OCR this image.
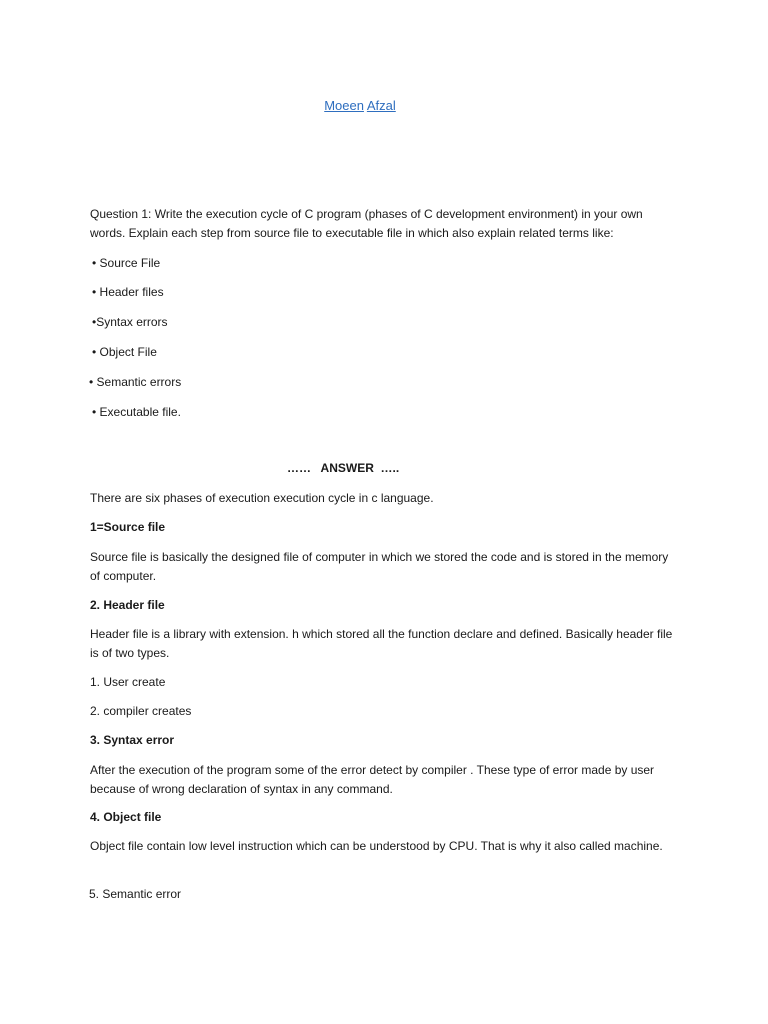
Moeen Afzal
Question 1: Write the execution cycle of C program (phases of C development environment) in your own words. Explain each step from source file to executable file in which also explain related terms like:
• Source File
• Header files
•Syntax errors
• Object File
• Semantic errors
• Executable file.
……   ANSWER  …..
There are six phases of execution execution cycle in c language.
1=Source file
Source file is basically the designed file of computer in which we stored the code and is stored in the memory of computer.
2. Header file
Header file is a library with extension. h which stored all the function declare and defined. Basically header file is of two types.
1. User create
2. compiler creates
3. Syntax error
After the execution of the program some of the error detect by compiler . These type of error made by user because of wrong declaration of syntax in any command.
4. Object file
Object file contain low level instruction which can be understood by CPU. That is why it also called machine.
5. Semantic error
